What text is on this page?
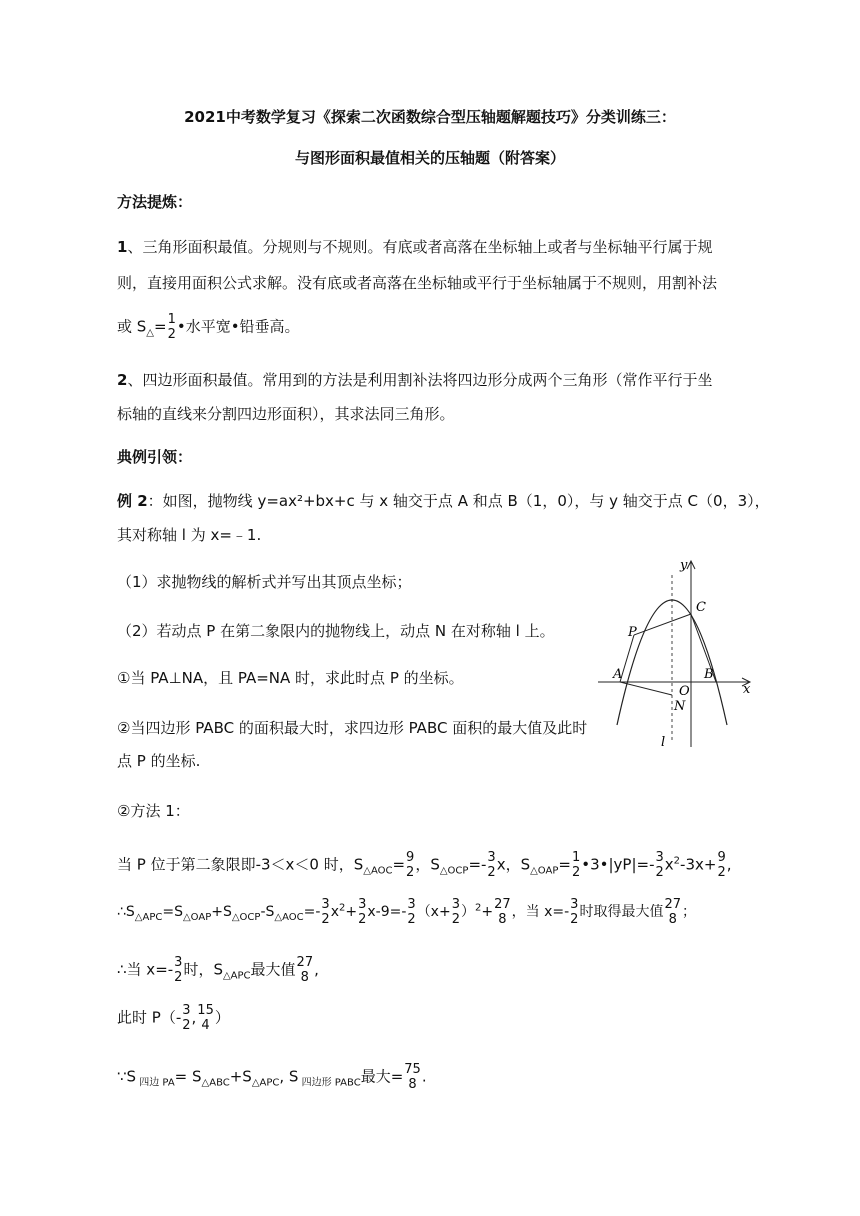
2021中考数学复习《探索二次函数综合型压轴题解题技巧》分类训练三：
与图形面积最值相关的压轴题（附答案）
方法提炼：
1、三角形面积最值。分规则与不规则。有底或者高落在坐标轴上或者与坐标轴平行属于规
则，直接用面积公式求解。没有底或者高落在坐标轴或平行于坐标轴属于不规则，用割补法
或 $S_\triangle= 1$
2 •水平宽•铅垂高。
2、四边形面积最值。常用到的方法是利用割补法将四边形分成两个三角形（常作平行于坐
标轴的直线来分割四边形面积），其求法同三角形。
典例引领：
例 2：如图，抛物线 y=ax²+bx+c 与 x 轴交于点 A 和点 B（1，0），与 y 轴交于点 C（0，3），
其对称轴 l 为 x=﹣1.
（1）求抛物线的解析式并写出其顶点坐标；
（2）若动点 P 在第二象限内的抛物线上，动点 N 在对称轴 l 上。
①当 PA⊥NA，且 PA=NA 时，求此时点 P 的坐标。
②当四边形 PABC 的面积最大时，求四边形 PABC 面积的最大值及此时
点 P 的坐标.
y
x
C
P
A
O
B
N
l
②方法 1：
当 P 位于第二象限即-3＜x＜0 时，$S_{\triangle AOC}= 9$
2 ，$S_{\triangle OCP}=-$ 3
2 x，$S_{\triangle OAP}= 1$
2 •3•|yP|=- 3
2 $x^2-3x+ 9$
2 ,
$\therefore S_{\triangle APC}=S_{\triangle OAP}+S_{\triangle OCP}-S_{\triangle AOC}=-$ 3
2 $x^2+ 3$
2 x-9=- 3
2 （x+ 3
2 ）$^2$+ 27
8 ，当 x=- 3
2 时取得最大值 27
8 ；
∴当 x=- 3
2 时，$S_{\triangle APC}$最大值 27
8 ,
此时 P（- 3
2 , 15
4 ）
∵S $_{四边 PA}= S_{\triangle ABC}+S_{\triangle APC}$, S $_{四边形 PABC}$最大= 75
8 .
